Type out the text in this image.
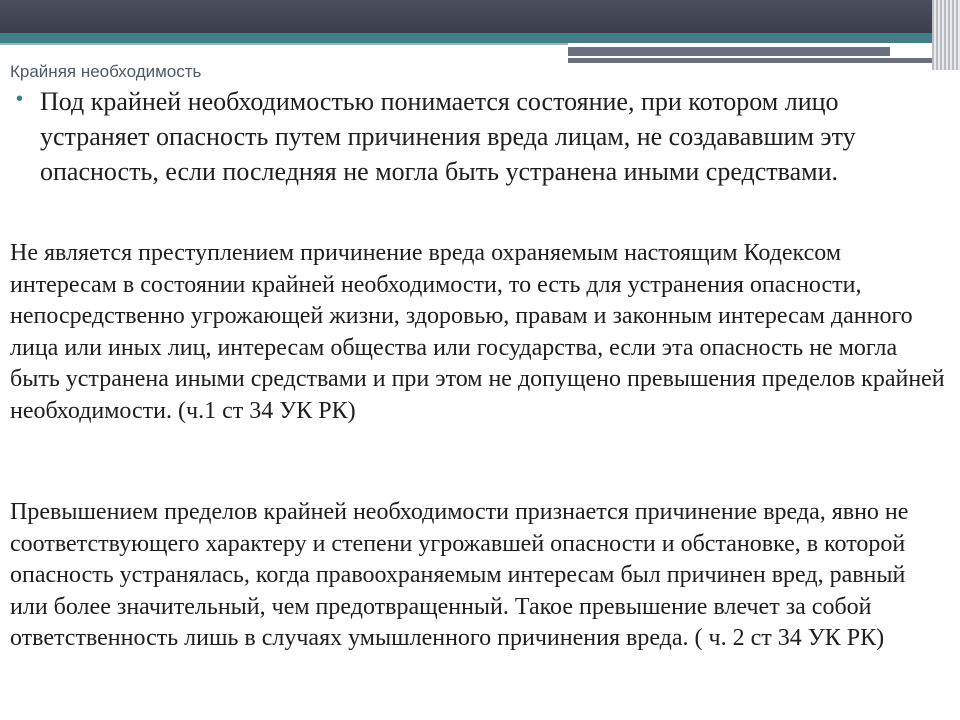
Крайняя необходимость
• Под крайней необходимостью понимается состояние, при котором лицо устраняет опасность путем причинения вреда лицам, не создававшим эту опасность, если последняя не могла быть устранена иными средствами.

Не является преступлением причинение вреда охраняемым настоящим Кодексом интересам в состоянии крайней необходимости, то есть для устранения опасности, непосредственно угрожающей жизни, здоровью, правам и законным интересам данного лица или иных лиц, интересам общества или государства, если эта опасность не могла быть устранена иными средствами и при этом не допущено превышения пределов крайней необходимости. (ч.1 ст 34 УК РК)

Превышением пределов крайней необходимости признается причинение вреда, явно не соответствующего характеру и степени угрожавшей опасности и обстановке, в которой опасность устранялась, когда правоохраняемым интересам был причинен вред, равный или более значительный, чем предотвращенный. Такое превышение влечет за собой ответственность лишь в случаях умышленного причинения вреда. ( ч. 2 ст 34 УК РК)
